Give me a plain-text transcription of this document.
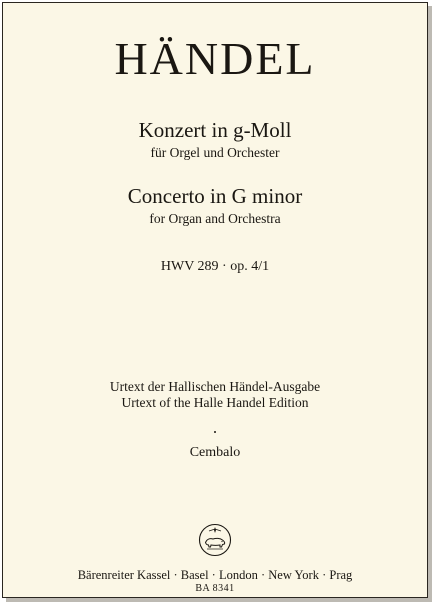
HÄNDEL
Konzert in g-Moll
für Orgel und Orchester
Concerto in G minor
for Organ and Orchestra
HWV 289 · op. 4/1
Urtext der Hallischen Händel-Ausgabe
Urtext of the Halle Handel Edition
Cembalo
Bärenreiter Kassel · Basel · London · New York · Prag
BA 8341
